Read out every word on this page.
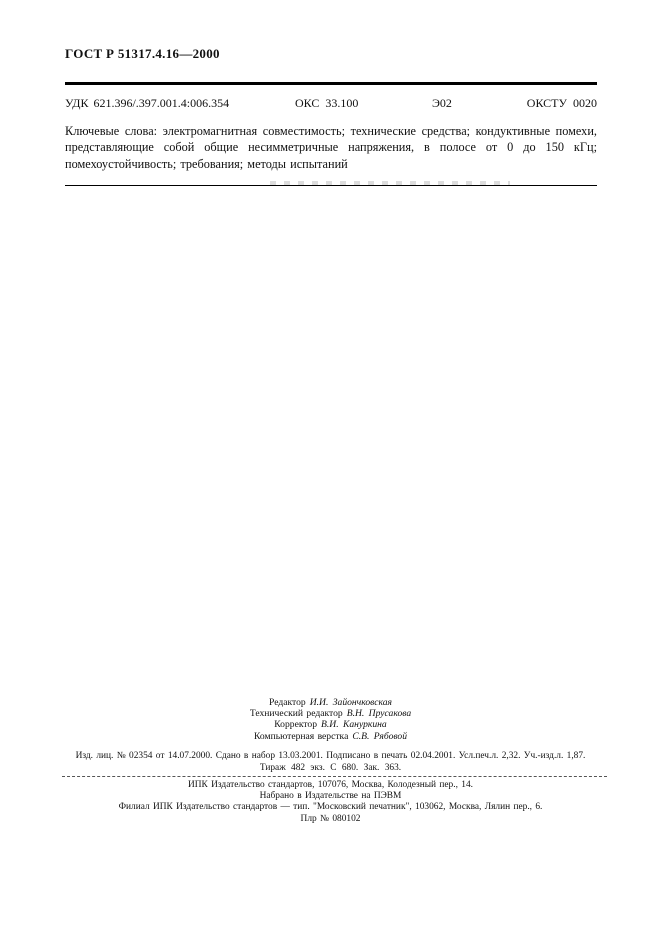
ГОСТ Р 51317.4.16—2000
УДК 621.396/.397.001.4:006.354	ОКС 33.100	Э02	ОКСТУ 0020
Ключевые слова: электромагнитная совместимость; технические средства; кондуктивные помехи, представляющие собой общие несимметричные напряжения, в полосе от 0 до 150 кГц; помехоустойчивость; требования; методы испытаний
Редактор И.И. Зайончковская
Технический редактор В.Н. Прусакова
Корректор В.И. Кануркина
Компьютерная верстка С.В. Рябовой
Изд. лиц. № 02354 от 14.07.2000. Сдано в набор 13.03.2001. Подписано в печать 02.04.2001. Усл.печ.л. 2,32. Уч.-изд.л. 1,87.
Тираж 482 экз. С 680. Зак. 363.
ИПК Издательство стандартов, 107076, Москва, Колодезный пер., 14.
Набрано в Издательстве на ПЭВМ
Филиал ИПК Издательство стандартов — тип. "Московский печатник", 103062, Москва, Лялин пер., 6.
Плр № 080102
